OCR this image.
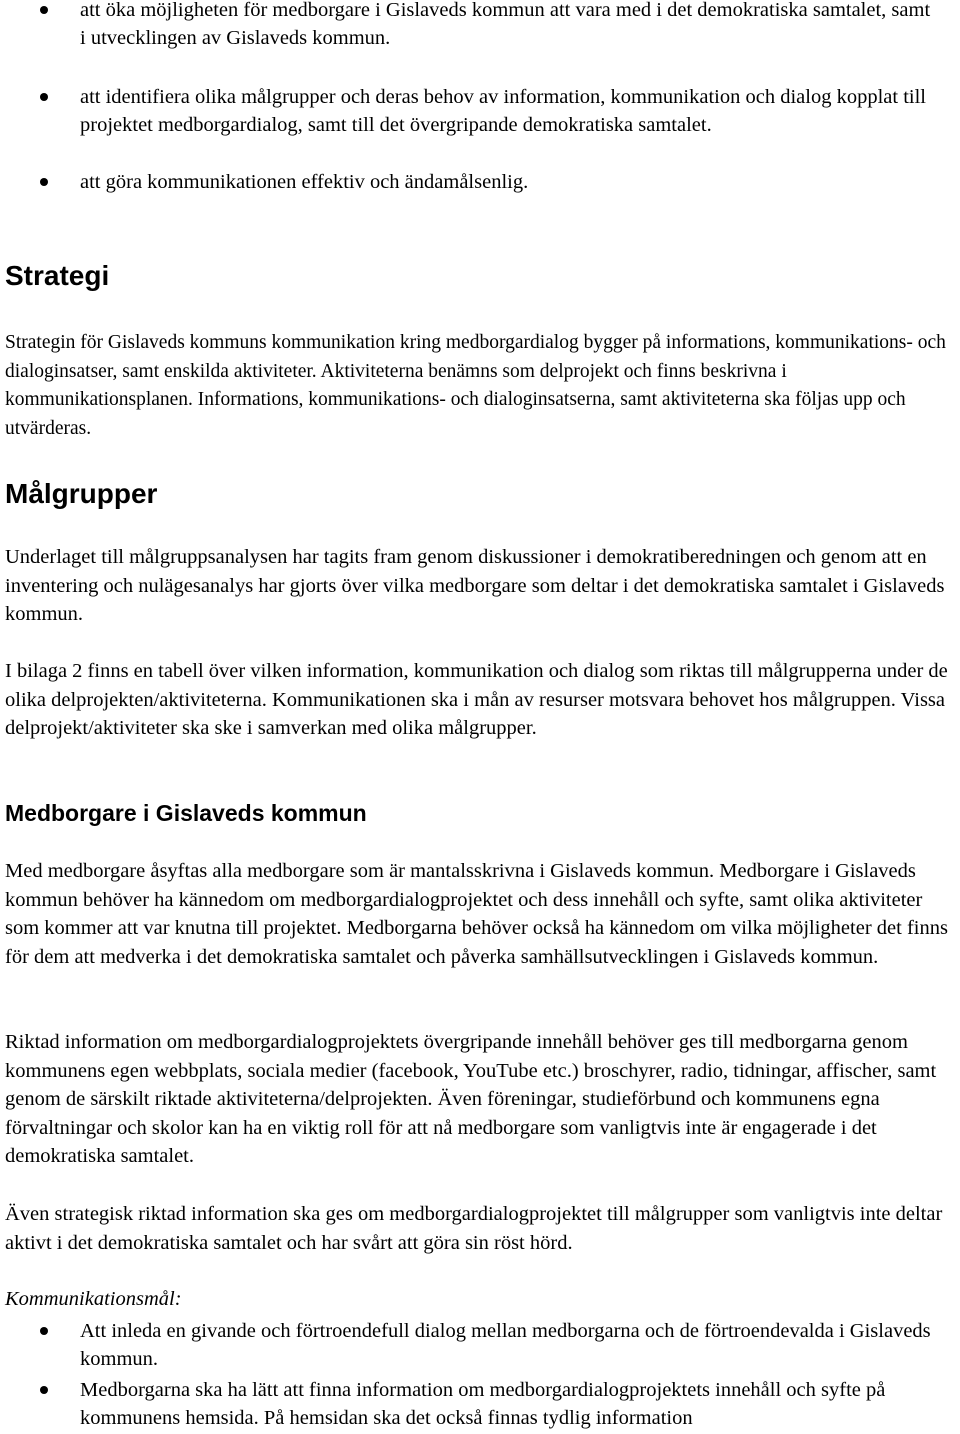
att öka möjligheten för medborgare i Gislaveds kommun att vara med i det demokratiska samtalet, samt i utvecklingen av Gislaveds kommun.
att identifiera olika målgrupper och deras behov av information, kommunikation och dialog kopplat till projektet medborgardialog, samt till det övergripande demokratiska samtalet.
att göra kommunikationen effektiv och ändamålsenlig.
Strategi

Strategin för Gislaveds kommuns kommunikation kring medborgardialog bygger på informations, kommunikations- och dialoginsatser, samt enskilda aktiviteter. Aktiviteterna benämns som delprojekt och finns beskrivna i kommunikationsplanen. Informations, kommunikations- och dialoginsatserna, samt aktiviteterna ska följas upp och utvärderas.

Målgrupper

Underlaget till målgruppsanalysen har tagits fram genom diskussioner i demokratiberedningen och genom att en inventering och nulägesanalys har gjorts över vilka medborgare som deltar i det demokratiska samtalet i Gislaveds kommun.

I bilaga 2 finns en tabell över vilken information, kommunikation och dialog som riktas till målgrupperna under de olika delprojekten/aktiviteterna. Kommunikationen ska i mån av resurser motsvara behovet hos målgruppen. Vissa delprojekt/aktiviteter ska ske i samverkan med olika målgrupper.

Medborgare i Gislaveds kommun

Med medborgare åsyftas alla medborgare som är mantalsskrivna i Gislaveds kommun. Medborgare i Gislaveds kommun behöver ha kännedom om medborgardialogprojektet och dess innehåll och syfte, samt olika aktiviteter som kommer att var knutna till projektet. Medborgarna behöver också ha kännedom om vilka möjligheter det finns för dem att medverka i det demokratiska samtalet och påverka samhällsutvecklingen i Gislaveds kommun.

Riktad information om medborgardialogprojektets övergripande innehåll behöver ges till medborgarna genom kommunens egen webbplats, sociala medier (facebook, YouTube etc.) broschyrer, radio, tidningar, affischer, samt genom de särskilt riktade aktiviteterna/delprojekten. Även föreningar, studieförbund och kommunens egna förvaltningar och skolor kan ha en viktig roll för att nå medborgare som vanligtvis inte är engagerade i det demokratiska samtalet.

Även strategisk riktad information ska ges om medborgardialogprojektet till målgrupper som vanligtvis inte deltar aktivt i det demokratiska samtalet och har svårt att göra sin röst hörd.

Kommunikationsmål:

Att inleda en givande och förtroendefull dialog mellan medborgarna och de förtroendevalda i Gislaveds kommun.
Medborgarna ska ha lätt att finna information om medborgardialogprojektets innehåll och syfte på kommunens hemsida. På hemsidan ska det också finnas tydlig information
